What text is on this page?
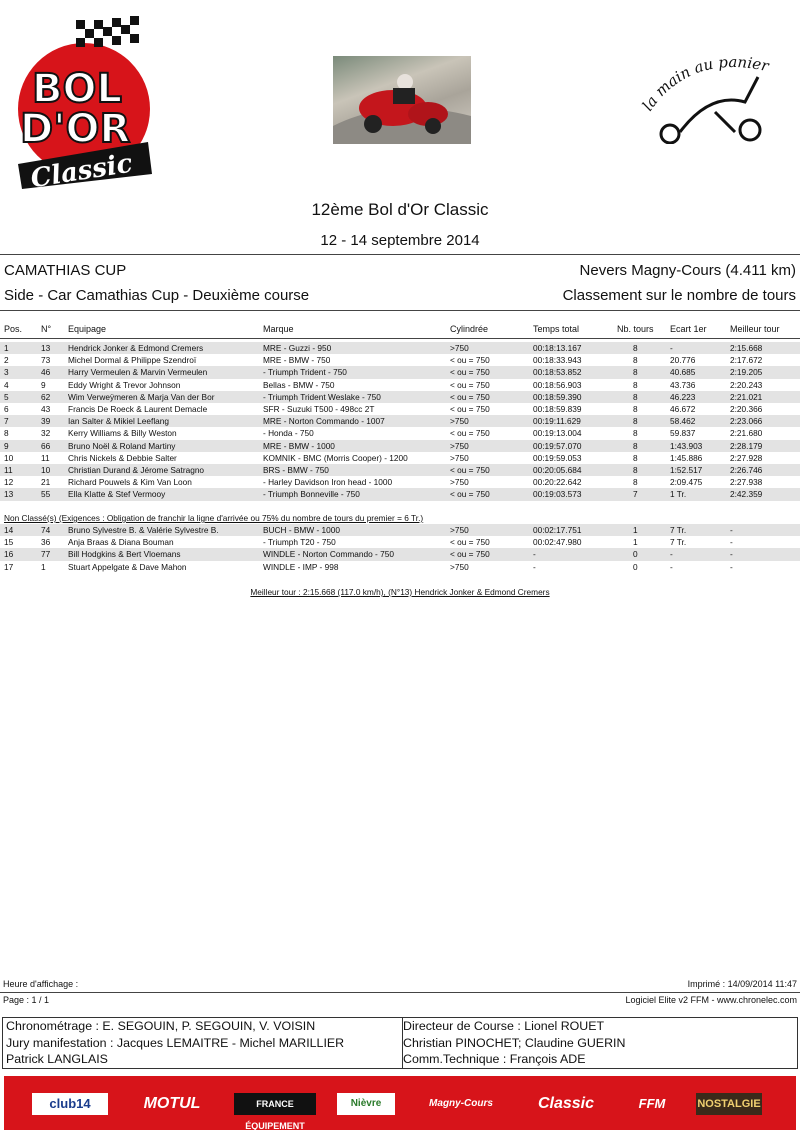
BOL
D'OR
Classic
la main au panier
12ème Bol d'Or Classic
12 - 14 septembre 2014
CAMATHIAS CUP	Nevers Magny-Cours (4.411 km)
Side - Car Camathias Cup - Deuxième course	Classement sur le nombre de tours
Pos. N° Equipage	Marque	Cylindrée	Temps total	Nb. tours Ecart 1er	Meilleur tour
1	13 Hendrick Jonker & Edmond Cremers	MRE - Guzzi - 950	>750	00:18:13.167	8	-	2:15.668
2	73 Michel Dormal & Philippe Szendroï	MRE - BMW - 750	< ou = 750	00:18:33.943	8	20.776	2:17.672
3	46 Harry Vermeulen & Marvin Vermeulen	- Triumph Trident - 750	< ou = 750	00:18:53.852	8	40.685	2:19.205
4	9	Eddy Wright & Trevor Johnson	Bellas - BMW - 750	< ou = 750	00:18:56.903	8	43.736	2:20.243
5	62 Wim Verweÿmeren & Marja Van der Bor	- Triumph Trident Weslake - 750	< ou = 750	00:18:59.390	8	46.223	2:21.021
6	43 Francis De Roeck & Laurent Demacle	SFR - Suzuki T500 - 498cc 2T	< ou = 750	00:18:59.839	8	46.672	2:20.366
7	39 Ian Salter & Mikiel Leeflang	MRE - Norton Commando - 1007	>750	00:19:11.629	8	58.462	2:23.066
8	32 Kerry Williams & Billy Weston	- Honda - 750	< ou = 750	00:19:13.004	8	59.837	2:21.680
9	66 Bruno Noël & Roland Martiny	MRE - BMW - 1000	>750	00:19:57.070	8	1:43.903	2:28.179
10	11 Chris Nickels & Debbie Salter	KOMNIK - BMC (Morris Cooper) - 1200	>750	00:19:59.053	8	1:45.886	2:27.928
11	10 Christian Durand & Jérome Satragno	BRS - BMW - 750	< ou = 750	00:20:05.684	8	1:52.517	2:26.746
12	21 Richard Pouwels & Kim Van Loon	- Harley Davidson Iron head - 1000	>750	00:20:22.642	8	2:09.475	2:27.938
13	55 Ella Klatte & Stef Vermooy	- Triumph Bonneville - 750	< ou = 750	00:19:03.573	7	1 Tr.	2:42.359
Non Classé(s) (Exigences : Obligation de franchir la ligne d'arrivée ou 75% du nombre de tours du premier = 6 Tr.)
14	74 Bruno Sylvestre B. & Valérie Sylvestre B.	BUCH - BMW - 1000	>750	00:02:17.751	1	7 Tr.	-
15	36 Anja Braas & Diana Bouman	- Triumph T20 - 750	< ou = 750	00:02:47.980	1	7 Tr.	-
16	77 Bill Hodgkins & Bert Vloemans	WINDLE - Norton Commando - 750	< ou = 750	-	0	-	-
17	1	Stuart Appelgate & Dave Mahon	WINDLE - IMP - 998	>750	-	0	-	-
Meilleur tour : 2:15.668 (117.0 km/h), (N°13) Hendrick Jonker & Edmond Cremers
Heure d'affichage :	Imprimé : 14/09/2014 11:47
Page : 1 / 1	Logiciel Elite v2 FFM - www.chronelec.com
Chronométrage : E. SEGOUIN, P. SEGOUIN, V. VOISIN
Jury manifestation : Jacques LEMAITRE - Michel MARILLIER
Patrick LANGLAIS
Directeur de Course : Lionel ROUET
Christian PINOCHET; Claudine GUERIN
Comm.Technique : François ADE
club14	MOTUL	FRANCE ÉQUIPEMENT
Nièvre	Magny-Cours	Classic	FFM	NOSTALGIE
